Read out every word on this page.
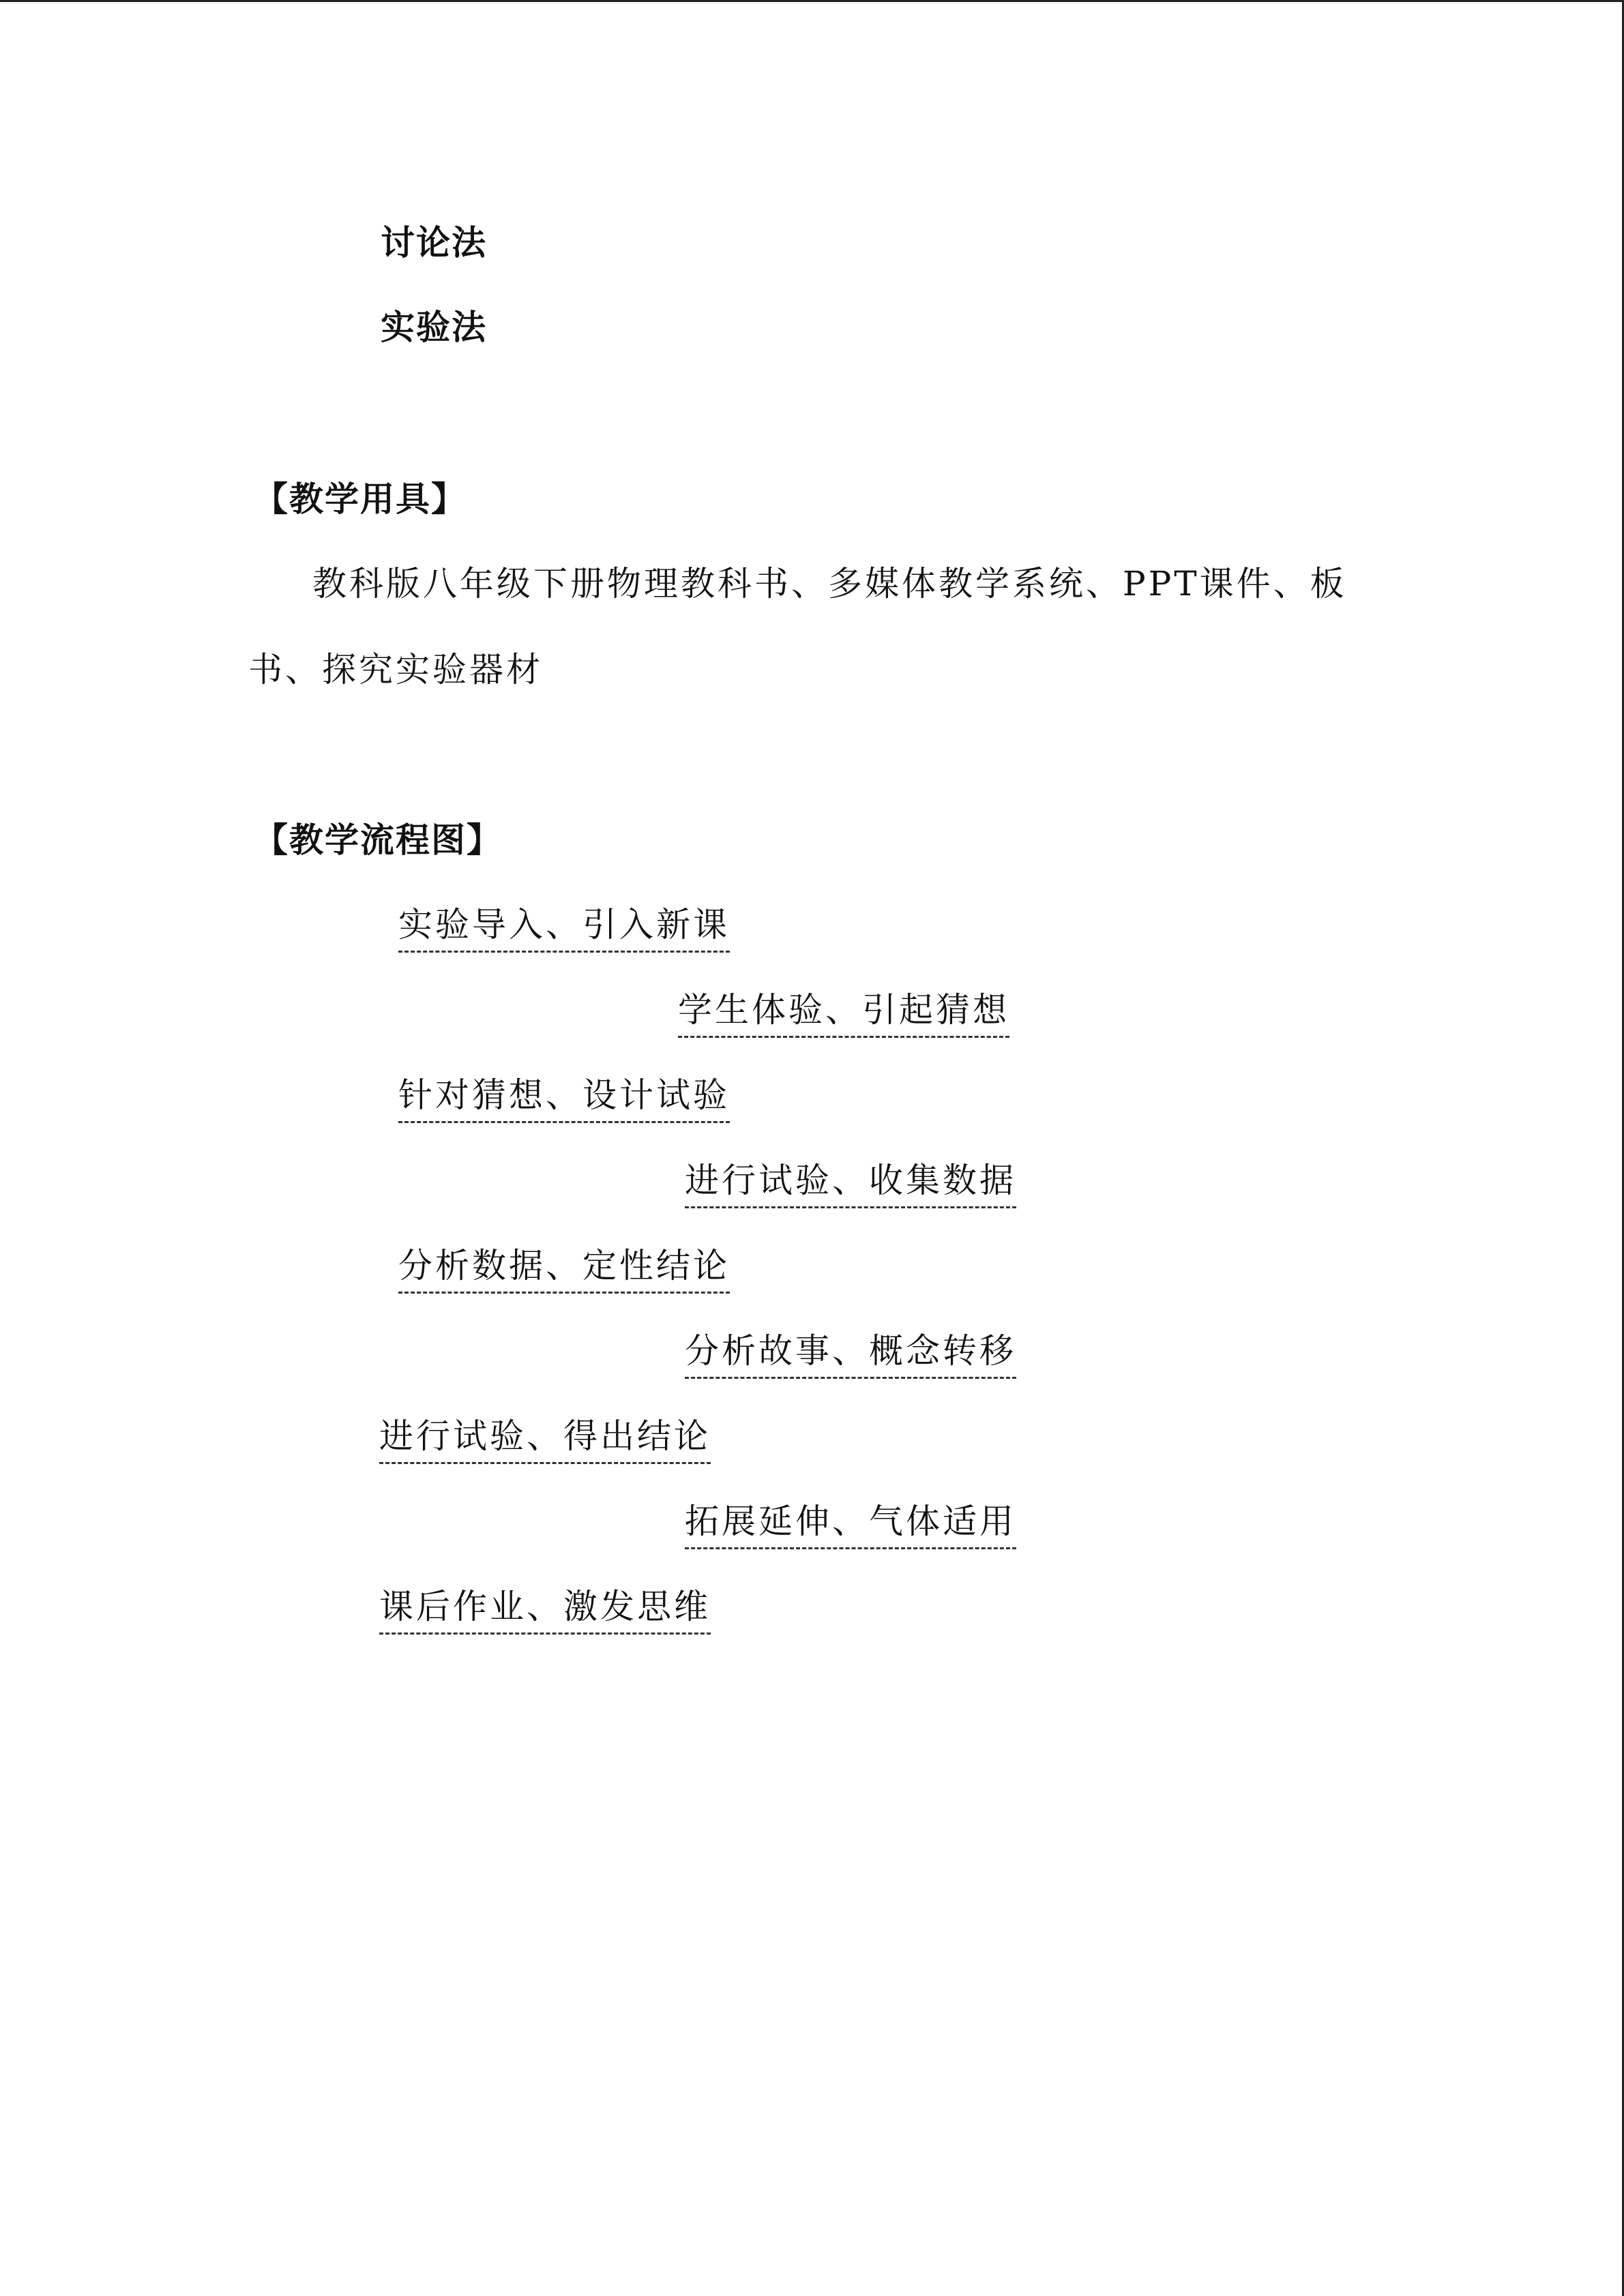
讨论法
实验法
【教学用具】
教科版八年级下册物理教科书、多媒体教学系统、PPT课件、板
书、探究实验器材
【教学流程图】
实验导入、引入新课
学生体验、引起猜想
针对猜想、设计试验
进行试验、收集数据
分析数据、定性结论
分析故事、概念转移
进行试验、得出结论
拓展延伸、气体适用
课后作业、激发思维
